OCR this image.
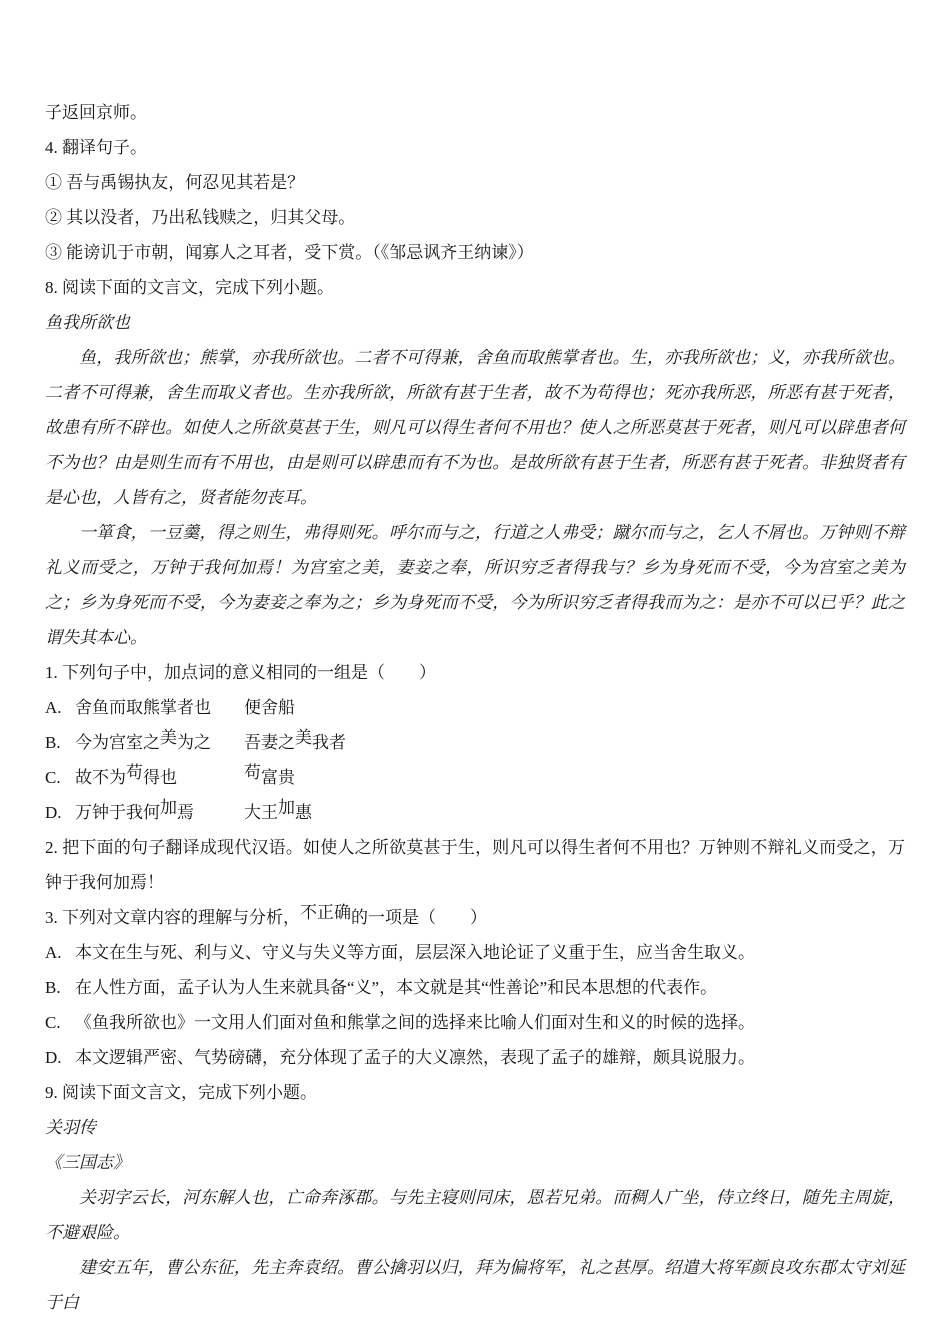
子返回京师。

4. 翻译句子。

① 吾与禹锡执友，何忍见其若是？

② 其以没者，乃出私钱赎之，归其父母。

③ 能谤讥于市朝，闻寡人之耳者，受下赏。（《邹忌讽齐王纳谏》）

8. 阅读下面的文言文，完成下列小题。

鱼我所欲也

鱼，我所欲也；熊掌，亦我所欲也。二者不可得兼，舍鱼而取熊掌者也。生，亦我所欲也；义，亦我所欲也。二者不可得兼，舍生而取义者也。生亦我所欲，所欲有甚于生者，故不为苟得也；死亦我所恶，所恶有甚于死者，故患有所不辟也。如使人之所欲莫甚于生，则凡可以得生者何不用也？使人之所恶莫甚于死者，则凡可以辟患者何不为也？由是则生而有不用也，由是则可以辟患而有不为也。是故所欲有甚于生者，所恶有甚于死者。非独贤者有是心也，人皆有之，贤者能勿丧耳。

一箪食，一豆羹，得之则生，弗得则死。呼尔而与之，行道之人弗受；蹴尔而与之，乞人不屑也。万钟则不辩礼义而受之，万钟于我何加焉！为宫室之美，妻妾之奉，所识穷乏者得我与？乡为身死而不受，今为宫室之美为之；乡为身死而不受，今为妻妾之奉为之；乡为身死而不受，今为所识穷乏者得我而为之：是亦不可以已乎？此之谓失其本心。

1. 下列句子中，加点词的意义相同的一组是（　　）

A. 舍鱼而取熊掌者也 便舍船

B. 今为宫室之美为之 吾妻之美我者

C. 故不为苟得也	苟富贵

D. 万钟于我何加焉	大王加惠

2. 把下面的句子翻译成现代汉语。如使人之所欲莫甚于生，则凡可以得生者何不用也？万钟则不辩礼义而受之，万钟于我何加焉！

3. 下列对文章内容的理解与分析，不正确的一项是（　　）

A. 本文在生与死、利与义、守义与失义等方面，层层深入地论证了义重于生，应当舍生取义。

B. 在人性方面，孟子认为人生来就具备“义”，本文就是其“性善论”和民本思想的代表作。

C. 《鱼我所欲也》一文用人们面对鱼和熊掌之间的选择来比喻人们面对生和义的时候的选择。

D. 本文逻辑严密、气势磅礴，充分体现了孟子的大义凛然，表现了孟子的雄辩，颇具说服力。

9. 阅读下面文言文，完成下列小题。

关羽传

《三国志》

关羽字云长，河东解人也，亡命奔涿郡。与先主寝则同床，恩若兄弟。而稠人广坐，侍立终日，随先主周旋，不避艰险。

建安五年，曹公东征，先主奔袁绍。曹公擒羽以归，拜为偏将军，礼之甚厚。绍遣大将军颜良攻东郡太守刘延于白
